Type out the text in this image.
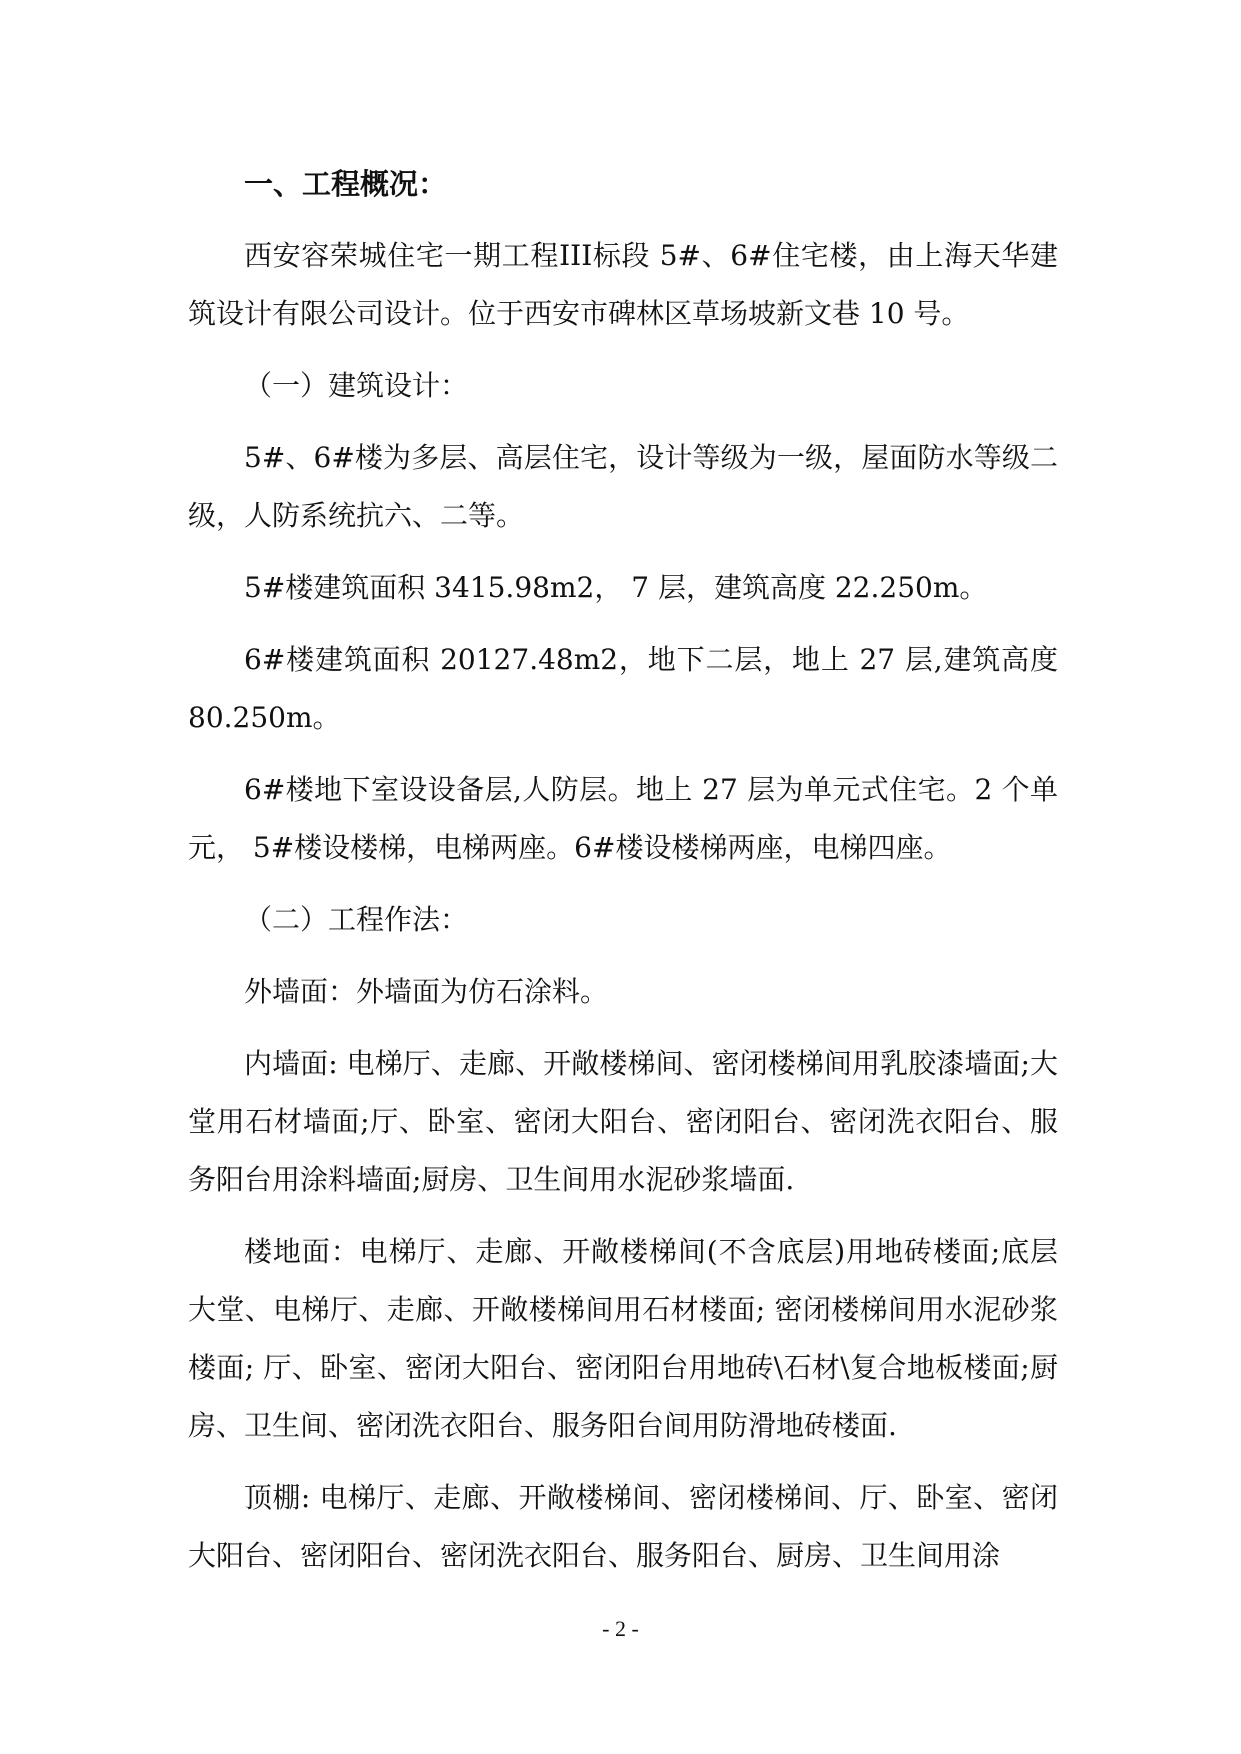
一、工程概况：

西安容荣城住宅一期工程III标段 5#、6#住宅楼，由上海天华建筑设计有限公司设计。位于西安市碑林区草场坡新文巷 10 号。

（一）建筑设计：

5#、6#楼为多层、高层住宅，设计等级为一级，屋面防水等级二级，人防系统抗六、二等。

5#楼建筑面积 3415.98m2， 7 层，建筑高度 22.250m。

6#楼建筑面积 20127.48m2，地下二层，地上 27 层,建筑高度 80.250m。

6#楼地下室设设备层,人防层。地上 27 层为单元式住宅。2 个单元， 5#楼设楼梯，电梯两座。6#楼设楼梯两座，电梯四座。

（二）工程作法：

外墙面：外墙面为仿石涂料。

内墙面: 电梯厅、走廊、开敞楼梯间、密闭楼梯间用乳胶漆墙面;大堂用石材墙面;厅、卧室、密闭大阳台、密闭阳台、密闭洗衣阳台、服务阳台用涂料墙面;厨房、卫生间用水泥砂浆墙面.

楼地面：电梯厅、走廊、开敞楼梯间(不含底层)用地砖楼面;底层大堂、电梯厅、走廊、开敞楼梯间用石材楼面; 密闭楼梯间用水泥砂浆楼面; 厅、卧室、密闭大阳台、密闭阳台用地砖\石材\复合地板楼面;厨房、卫生间、密闭洗衣阳台、服务阳台间用防滑地砖楼面.

顶棚: 电梯厅、走廊、开敞楼梯间、密闭楼梯间、厅、卧室、密闭大阳台、密闭阳台、密闭洗衣阳台、服务阳台、厨房、卫生间用涂

- 2 -
